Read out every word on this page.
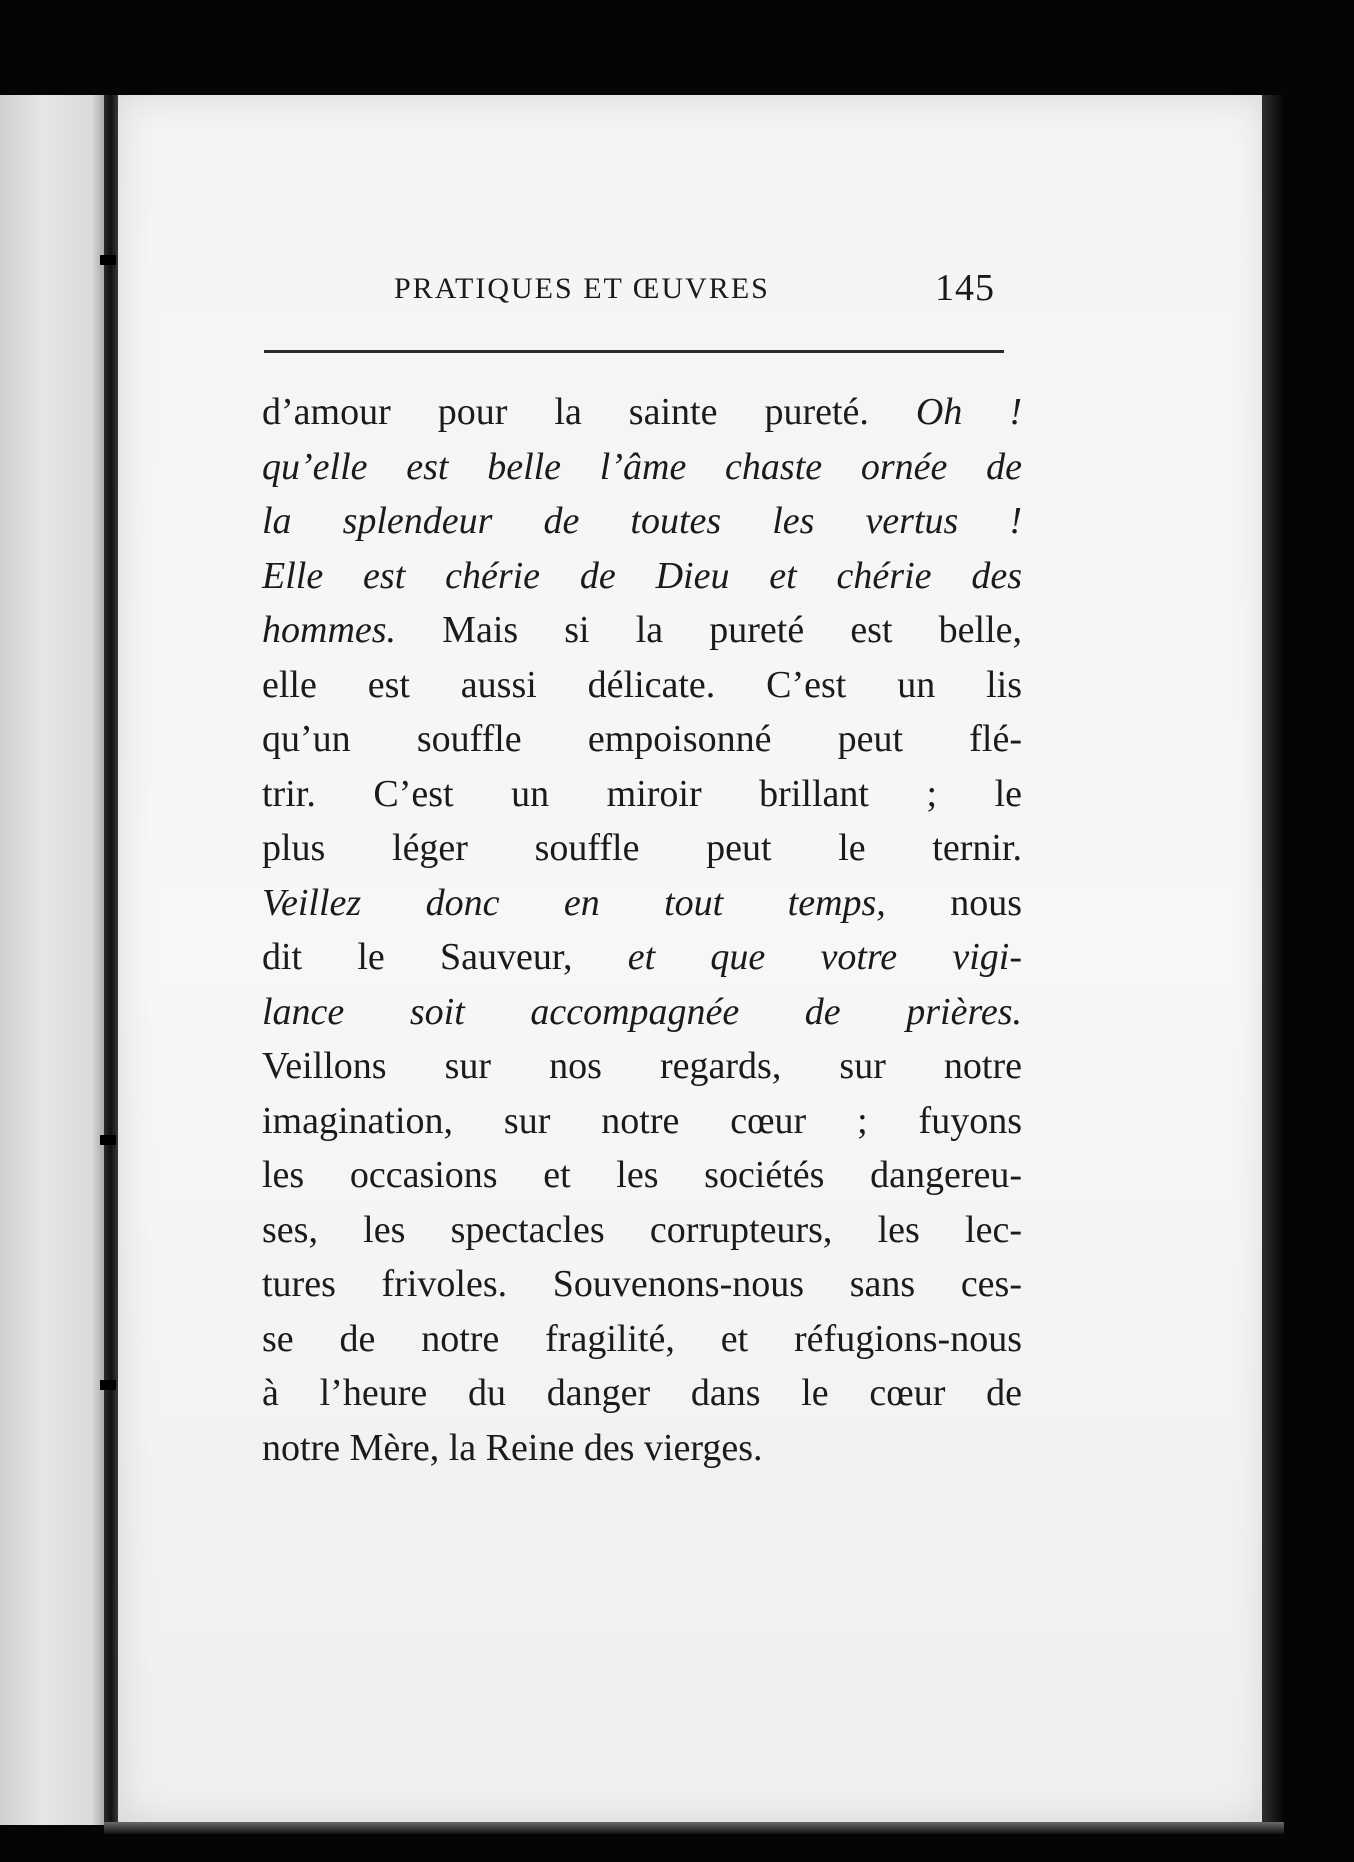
PRATIQUES ET ŒUVRES	145
d’amour pour la sainte pureté. Oh !
qu’elle est belle l’âme chaste ornée de
la splendeur de toutes les vertus !
Elle est chérie de Dieu et chérie des
hommes. Mais si la pureté est belle,
elle est aussi délicate. C’est un lis
qu’un souffle empoisonné peut flé-
trir. C’est un miroir brillant ; le
plus léger souffle peut le ternir.
Veillez donc en tout temps, nous
dit le Sauveur, et que votre vigi-
lance soit accompagnée de prières.
Veillons sur nos regards, sur notre
imagination, sur notre cœur ; fuyons
les occasions et les sociétés dangereu-
ses, les spectacles corrupteurs, les lec-
tures frivoles. Souvenons-nous sans ces-
se de notre fragilité, et réfugions-nous
à l’heure du danger dans le cœur de
notre Mère, la Reine des vierges.
